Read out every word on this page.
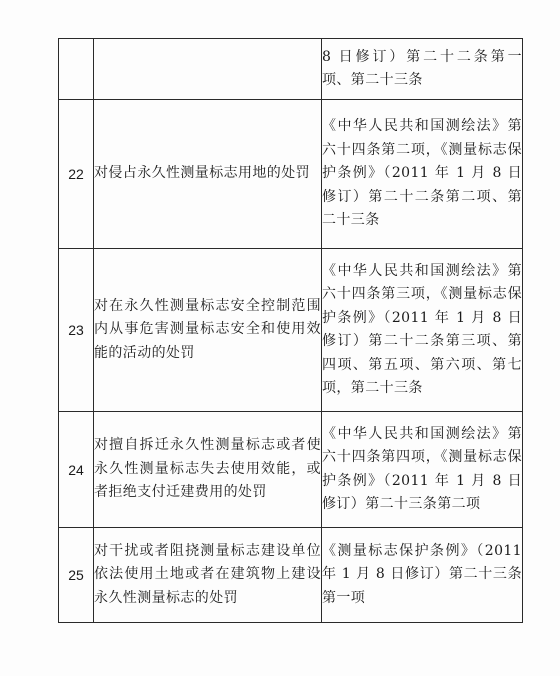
		8 日修订）第二十二条第一项、第二十三条
22	对侵占永久性测量标志用地的处罚	《中华人民共和国测绘法》第六十四条第二项，《测量标志保护条例》（2011 年 1 月 8 日修订）第二十二条第二项、第二十三条
23	对在永久性测量标志安全控制范围内从事危害测量标志安全和使用效能的活动的处罚	《中华人民共和国测绘法》第六十四条第三项，《测量标志保护条例》（2011 年 1 月 8 日修订）第二十二条第三项、第四项、第五项、第六项、第七项，第二十三条
24	对擅自拆迁永久性测量标志或者使永久性测量标志失去使用效能，或者拒绝支付迁建费用的处罚	《中华人民共和国测绘法》第六十四条第四项，《测量标志保护条例》（2011 年 1 月 8 日修订）第二十三条第二项
25	对干扰或者阻挠测量标志建设单位依法使用土地或者在建筑物上建设永久性测量标志的处罚	《测量标志保护条例》（2011 年 1 月 8 日修订）第二十三条第一项
